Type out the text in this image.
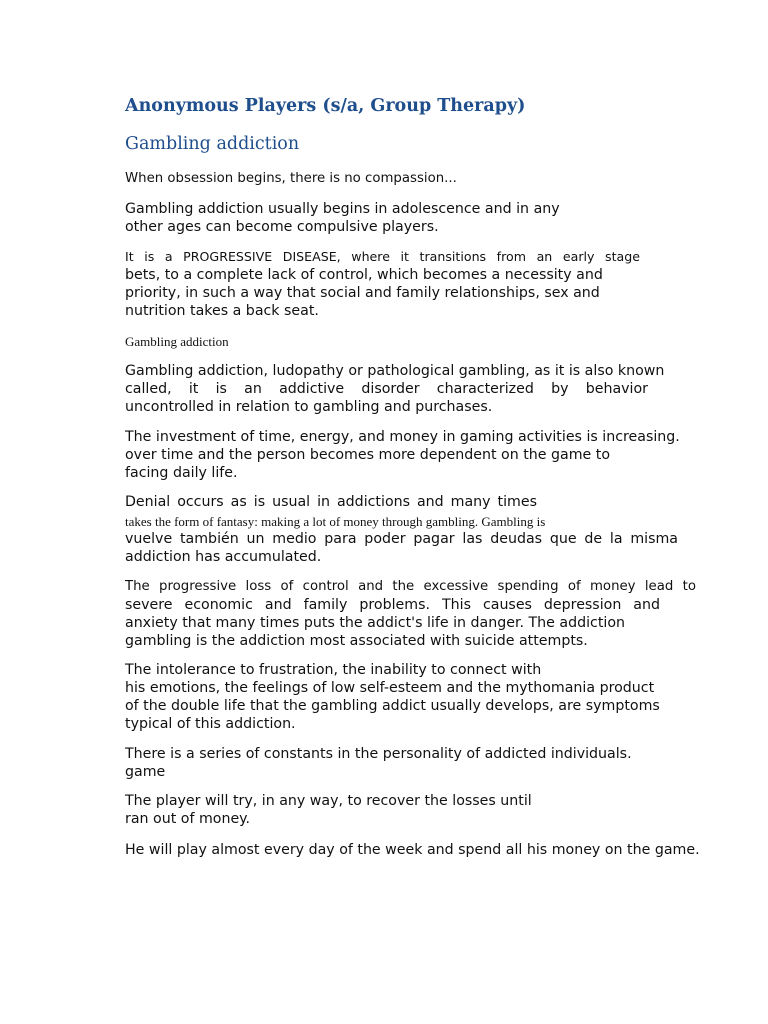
Anonymous Players (s/a, Group Therapy)
Gambling addiction
When obsession begins, there is no compassion...
Gambling addiction usually begins in adolescence and in any
other ages can become compulsive players.
It is a PROGRESSIVE DISEASE, where it transitions from an early stage
bets, to a complete lack of control, which becomes a necessity and
priority, in such a way that social and family relationships, sex and
nutrition takes a back seat.
Gambling addiction
Gambling addiction, ludopathy or pathological gambling, as it is also known
called, it is an addictive disorder characterized by behavior
uncontrolled in relation to gambling and purchases.
The investment of time, energy, and money in gaming activities is increasing.
over time and the person becomes more dependent on the game to
facing daily life.
Denial occurs as is usual in addictions and many times
takes the form of fantasy: making a lot of money through gambling. Gambling is
vuelve también un medio para poder pagar las deudas que de la misma
addiction has accumulated.
The progressive loss of control and the excessive spending of money lead to
severe economic and family problems. This causes depression and
anxiety that many times puts the addict's life in danger. The addiction
gambling is the addiction most associated with suicide attempts.
The intolerance to frustration, the inability to connect with
his emotions, the feelings of low self-esteem and the mythomania product
of the double life that the gambling addict usually develops, are symptoms
typical of this addiction.
There is a series of constants in the personality of addicted individuals.
game
The player will try, in any way, to recover the losses until
ran out of money.
He will play almost every day of the week and spend all his money on the game.
